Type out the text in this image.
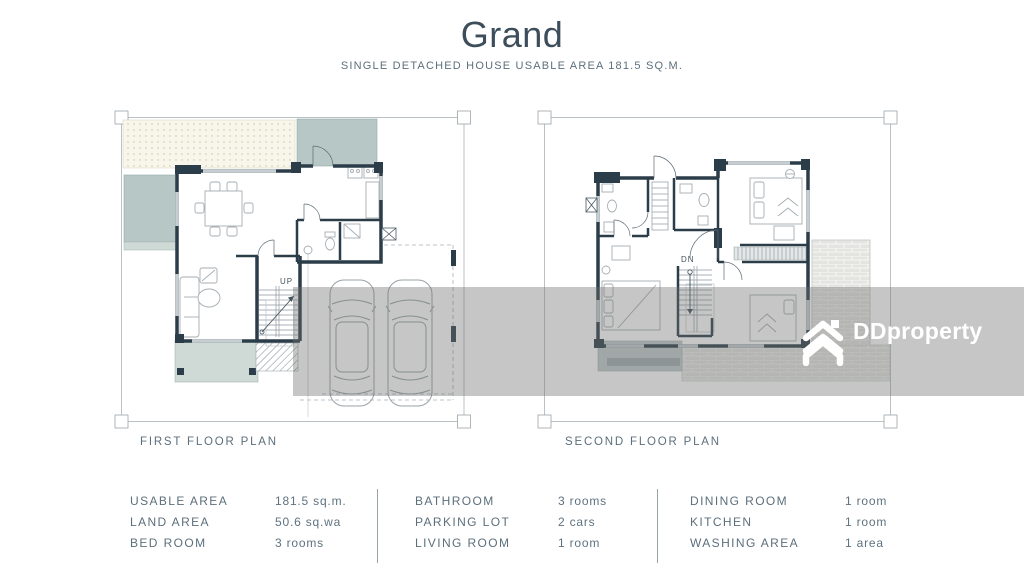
Grand
SINGLE DETACHED HOUSE USABLE AREA 181.5 SQ.M.
UP
DN
FIRST FLOOR PLAN	SECOND FLOOR PLAN
DDproperty
USABLE AREA	181.5 sq.m.
LAND AREA	50.6 sq.wa
BED ROOM	3 rooms
BATHROOM	3 rooms
PARKING LOT	2 cars
LIVING ROOM	1 room
DINING ROOM	1 room
KITCHEN	1 room
WASHING AREA	1 area
